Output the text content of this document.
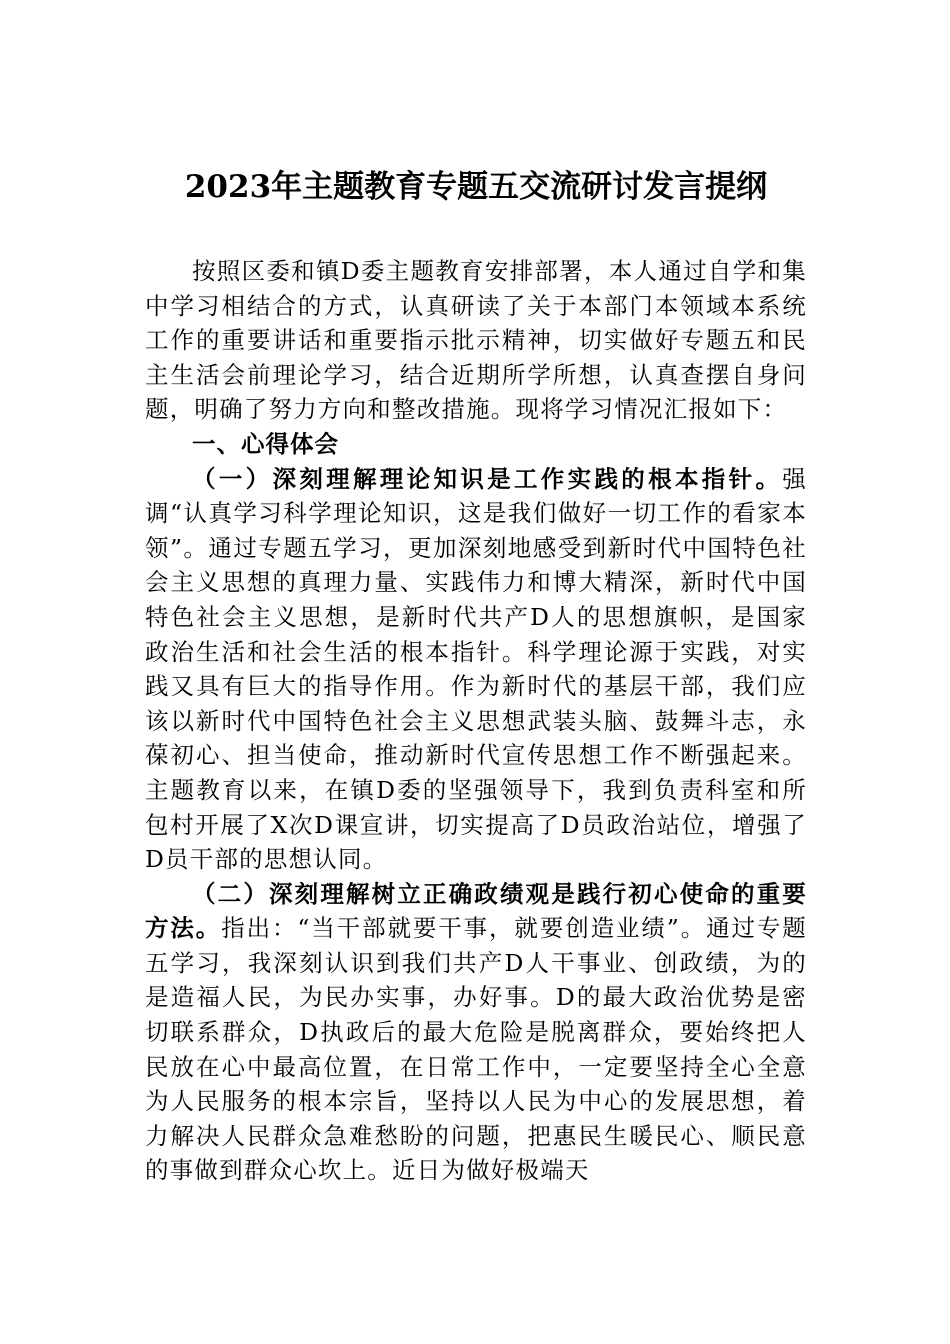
2023年主题教育专题五交流研讨发言提纲

按照区委和镇D委主题教育安排部署，本人通过自学和集中学习相结合的方式，认真研读了关于本部门本领域本系统工作的重要讲话和重要指示批示精神，切实做好专题五和民主生活会前理论学习，结合近期所学所想，认真查摆自身问题，明确了努力方向和整改措施。现将学习情况汇报如下：

一、心得体会

（一）深刻理解理论知识是工作实践的根本指针。强调“认真学习科学理论知识，这是我们做好一切工作的看家本领”。通过专题五学习，更加深刻地感受到新时代中国特色社会主义思想的真理力量、实践伟力和博大精深，新时代中国特色社会主义思想，是新时代共产D人的思想旗帜，是国家政治生活和社会生活的根本指针。科学理论源于实践，对实践又具有巨大的指导作用。作为新时代的基层干部，我们应该以新时代中国特色社会主义思想武装头脑、鼓舞斗志，永葆初心、担当使命，推动新时代宣传思想工作不断强起来。主题教育以来，在镇D委的坚强领导下，我到负责科室和所包村开展了X次D课宣讲，切实提高了D员政治站位，增强了D员干部的思想认同。

（二）深刻理解树立正确政绩观是践行初心使命的重要方法。指出：“当干部就要干事，就要创造业绩”。通过专题五学习，我深刻认识到我们共产D人干事业、创政绩，为的是造福人民，为民办实事，办好事。D的最大政治优势是密切联系群众，D执政后的最大危险是脱离群众，要始终把人民放在心中最高位置，在日常工作中，一定要坚持全心全意为人民服务的根本宗旨，坚持以人民为中心的发展思想，着力解决人民群众急难愁盼的问题，把惠民生暖民心、顺民意的事做到群众心坎上。近日为做好极端天
